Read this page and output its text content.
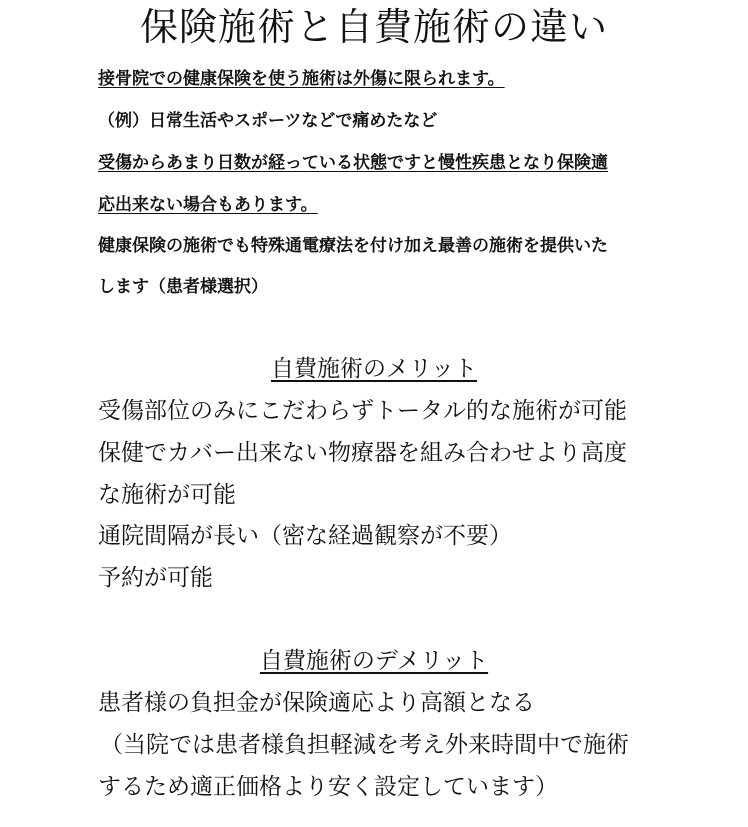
保険施術と自費施術の違い
接骨院での健康保険を使う施術は外傷に限られます。
（例）日常生活やスポーツなどで痛めたなど
受傷からあまり日数が経っている状態ですと慢性疾患となり保険適
応出来ない場合もあります。
健康保険の施術でも特殊通電療法を付け加え最善の施術を提供いた
します（患者様選択）
自費施術のメリット
受傷部位のみにこだわらずトータル的な施術が可能
保健でカバー出来ない物療器を組み合わせより高度
な施術が可能
通院間隔が長い（密な経過観察が不要）
予約が可能
自費施術のデメリット
患者様の負担金が保険適応より高額となる
（当院では患者様負担軽減を考え外来時間中で施術
するため適正価格より安く設定しています）
